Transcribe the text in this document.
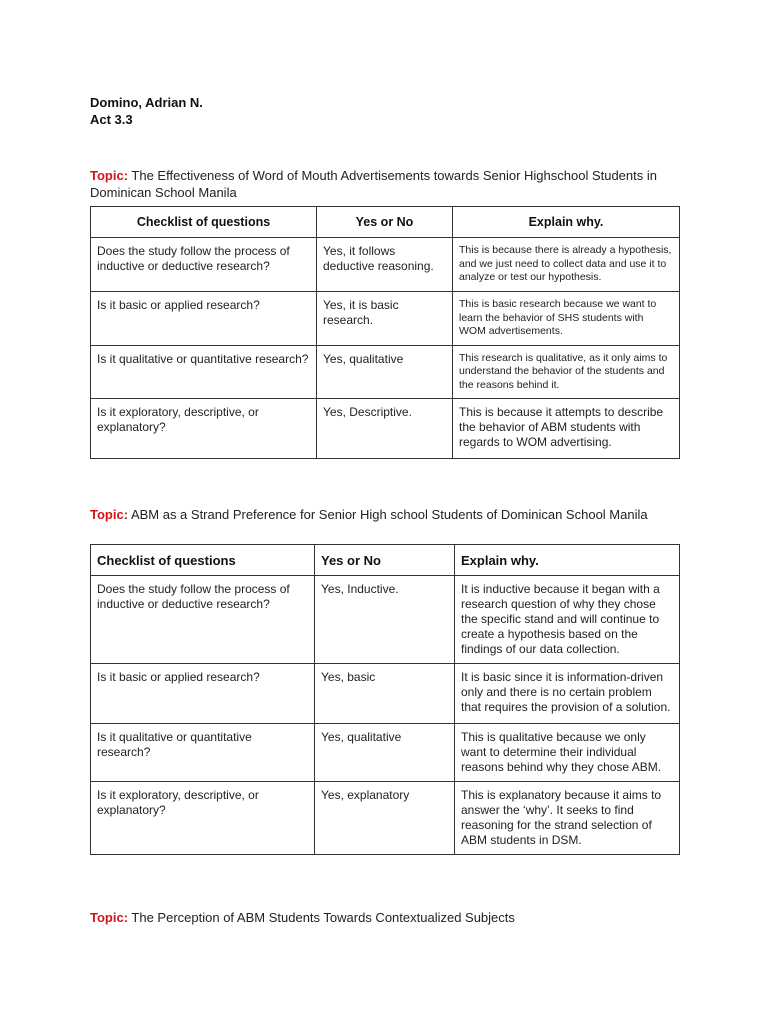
Domino, Adrian N.
Act 3.3
Topic: The Effectiveness of Word of Mouth Advertisements towards Senior Highschool Students in Dominican School Manila
Checklist of questions	Yes or No	Explain why.
Does the study follow the process of inductive or deductive research?	Yes, it follows deductive reasoning.	This is because there is already a hypothesis, and we just need to collect data and use it to analyze or test our hypothesis.
Is it basic or applied research?	Yes, it is basic research.	This is basic research because we want to learn the behavior of SHS students with WOM advertisements.
Is it qualitative or quantitative research?	Yes, qualitative	This research is qualitative, as it only aims to understand the behavior of the students and the reasons behind it.
Is it exploratory, descriptive, or explanatory?	Yes, Descriptive.	This is because it attempts to describe the behavior of ABM students with regards to WOM advertising.
Topic: ABM as a Strand Preference for Senior High school Students of Dominican School Manila
Checklist of questions	Yes or No	Explain why.
Does the study follow the process of inductive or deductive research?	Yes, Inductive.	It is inductive because it began with a research question of why they chose the specific stand and will continue to create a hypothesis based on the findings of our data collection.
Is it basic or applied research?	Yes, basic	It is basic since it is information-driven only and there is no certain problem that requires the provision of a solution.
Is it qualitative or quantitative research?	Yes, qualitative	This is qualitative because we only want to determine their individual reasons behind why they chose ABM.
Is it exploratory, descriptive, or explanatory?	Yes, explanatory	This is explanatory because it aims to answer the ‘why’. It seeks to find reasoning for the strand selection of ABM students in DSM.
Topic: The Perception of ABM Students Towards Contextualized Subjects
